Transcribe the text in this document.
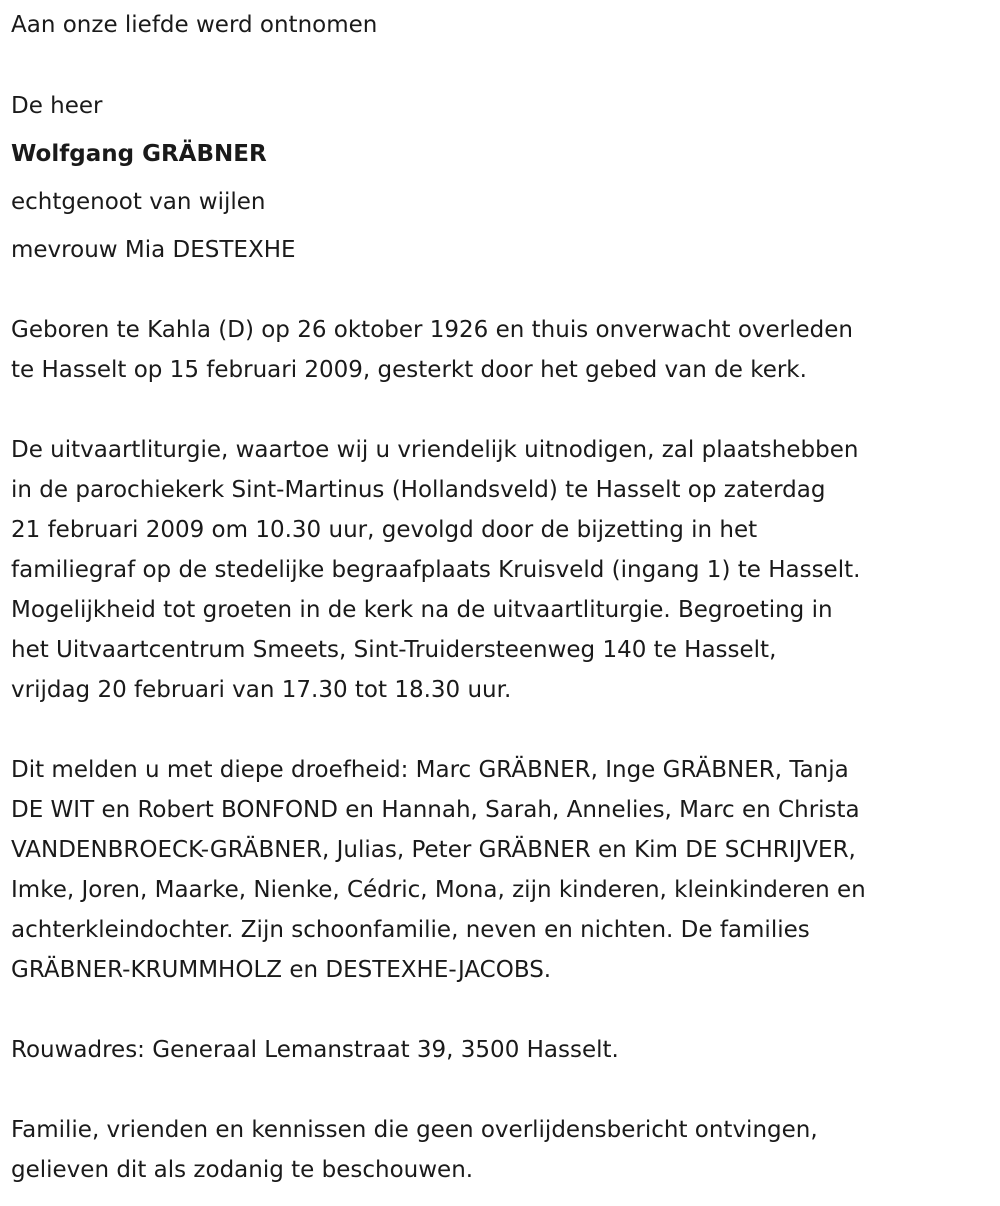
Aan onze liefde werd ontnomen
De heer
Wolfgang GRÄBNER
echtgenoot van wijlen
mevrouw Mia DESTEXHE
Geboren te Kahla (D) op 26 oktober 1926 en thuis onverwacht overleden
te Hasselt op 15 februari 2009, gesterkt door het gebed van de kerk.
De uitvaartliturgie, waartoe wij u vriendelijk uitnodigen, zal plaatshebben
in de parochiekerk Sint-Martinus (Hollandsveld) te Hasselt op zaterdag
21 februari 2009 om 10.30 uur, gevolgd door de bijzetting in het
familiegraf op de stedelijke begraafplaats Kruisveld (ingang 1) te Hasselt.
Mogelijkheid tot groeten in de kerk na de uitvaartliturgie. Begroeting in
het Uitvaartcentrum Smeets, Sint-Truidersteenweg 140 te Hasselt,
vrijdag 20 februari van 17.30 tot 18.30 uur.
Dit melden u met diepe droefheid: Marc GRÄBNER, Inge GRÄBNER, Tanja
DE WIT en Robert BONFOND en Hannah, Sarah, Annelies, Marc en Christa
VANDENBROECK-GRÄBNER, Julias, Peter GRÄBNER en Kim DE SCHRIJVER,
Imke, Joren, Maarke, Nienke, Cédric, Mona, zijn kinderen, kleinkinderen en
achterkleindochter. Zijn schoonfamilie, neven en nichten. De families
GRÄBNER-KRUMMHOLZ en DESTEXHE-JACOBS.
Rouwadres: Generaal Lemanstraat 39, 3500 Hasselt.
Familie, vrienden en kennissen die geen overlijdensbericht ontvingen,
gelieven dit als zodanig te beschouwen.
